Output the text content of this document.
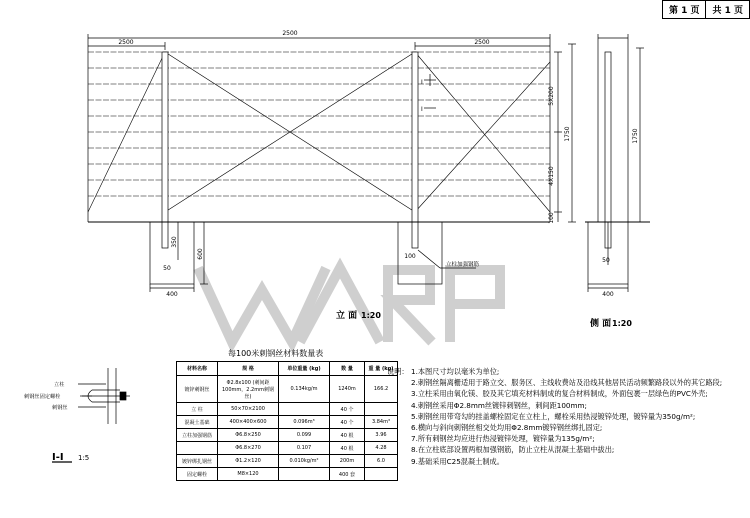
第 1 页	共 1 页
2500
2500	2500
5X200
4X150
100
1750
350
600
50
400
100
I
I
立柱加强钢筋
立 面 1:20
1750
50
400
侧 面 1:20
立柱
刺钢丝固定螺栓
刺钢丝
I-I 1:5
每100米刺钢丝材料数量表
材料名称	规 格	单位重量 (kg)	数 量	重 量 (kg)
镀锌刺钢丝	Φ2.8x100 (刺间距100mm，2.2mm刺钢丝)	0.134kg/m	1240m	166.2
立 柱	50×70×2100		40 个	
混凝土基础	400×400×600	0.096m³	40 个	3.84m³
立柱加强钢筋	Φ6.8×250	0.099	40 根	3.96
	Φ6.8×270	0.107	40 根	4.28
镀锌绑扎钢丝	Φ1.2×120	0.010kg/m²	200m	6.0
固定螺栓	M8×120		400 套	
说明： 1.本图尺寸均以毫米为单位;
2.刺钢丝隔离栅适用于路立交、服务区、主线收费站及沿线其他居民活动频繁路段以外的其它路段;
3.立柱采用由氧化镁、胶及其它填充材料制成的复合材料制成，外面包裹一层绿色的PVC外壳;
4.刺钢丝采用Φ2.8mm丝镀锌刺钢丝，刺间距100mm;
5.刺钢丝用带弯勾的挂盖螺栓固定在立柱上，螺栓采用热浸镀锌处理，镀锌量为350g/m²;
6.横向与斜向刺钢丝相交处均用Φ2.8mm镀锌钢丝绑扎固定;
7.所有刺钢丝均应进行热浸镀锌处理，镀锌量为135g/m²;
8.在立柱底部设置两根加强钢筋，防止立柱从混凝土基础中拔出;
9.基础采用C25混凝土制成。
